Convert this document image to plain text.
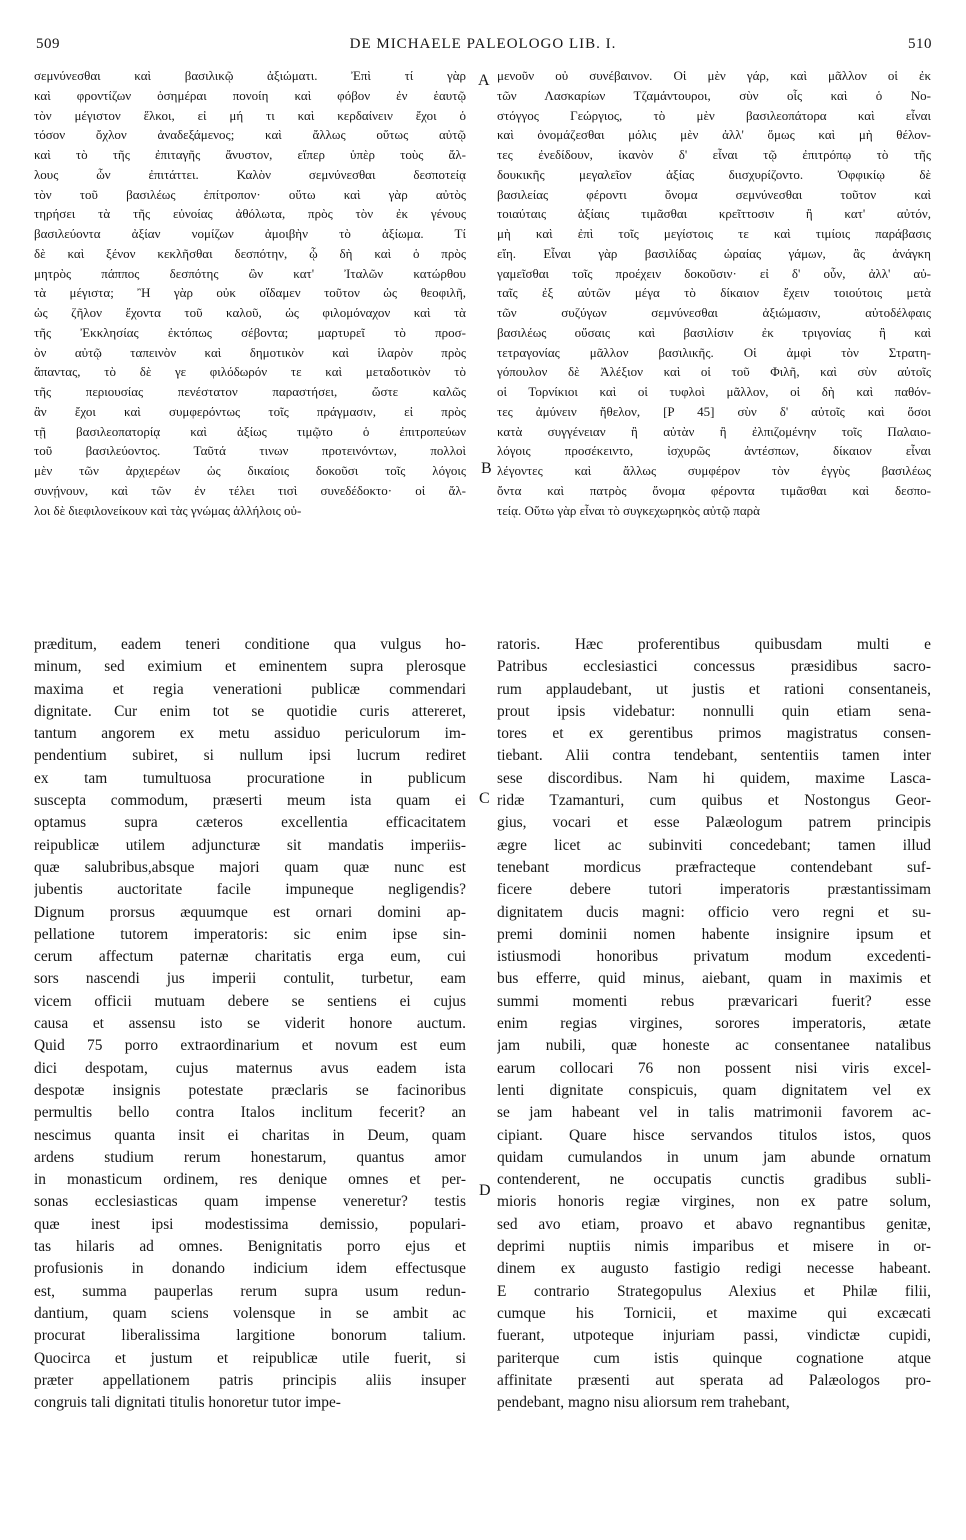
509	DE MICHAELE PALEOLOGO LIB. I.	510
A
B
C
D
σεμνύνεσθαι καὶ βασιλικῷ ἀξιώματι. Ἐπὶ τί γὰρ
καὶ φροντίζων ὁσημέραι πονοίη καὶ φόβον ἐν ἑαυτῷ
τὸν μέγιστον ἕλκοι, εἰ μή τι καὶ κερδαίνειν ἔχοι ὁ
τόσον ὄχλον ἀναδεξάμενος; καὶ ἄλλως οὕτως αὐτῷ
καὶ τὸ τῆς ἐπιταγῆς ἄνυστον, εἴπερ ὑπὲρ τοὺς ἄλ-
λους ὧν ἐπιτάττει. Καλὸν σεμνύνεσθαι δεσποτείᾳ
τὸν τοῦ βασιλέως ἐπίτροπον· οὕτω καὶ γὰρ αὐτὸς
τηρήσει τὰ τῆς εὐνοίας ἀθόλωτα, πρὸς τὸν ἐκ γένους
βασιλεύοντα ἀξίαν νομίζων ἀμοιβὴν τὸ ἀξίωμα. Τί
δὲ καὶ ξένον κεκλῆσθαι δεσπότην, ᾧ δὴ καὶ ὁ πρὸς
μητρὸς πάππος δεσπότης ὢν κατ' Ἰταλῶν κατώρθου
τὰ μέγιστα; Ἢ γὰρ οὐκ οἴδαμεν τοῦτον ὡς θεοφιλῆ,
ὡς ζῆλον ἔχοντα τοῦ καλοῦ, ὡς φιλομόναχον καὶ τὰ
τῆς Ἐκκλησίας ἐκτόπως σέβοντα; μαρτυρεῖ τὸ προσ-
ὸν αὐτῷ ταπεινὸν καὶ δημοτικὸν καὶ ἱλαρὸν πρὸς
ἅπαντας, τὸ δὲ γε φιλόδωρόν τε καὶ μεταδοτικὸν τὸ
τῆς περιουσίας πενέστατον παραστήσει, ὥστε καλῶς
ἂν ἔχοι καὶ συμφερόντως τοῖς πράγμασιν, εἰ πρὸς
τῇ βασιλεοπατορίᾳ καὶ ἀξίως τιμῷτο ὁ ἐπιτροπεύων
τοῦ βασιλεύοντος. Ταῦτά τινων προτεινόντων, πολλοὶ
μὲν τῶν ἀρχιερέων ὡς δικαίοις δοκοῦσι τοῖς λόγοις
συνῄνουν, καὶ τῶν ἐν τέλει τισὶ συνεδέδοκτο· οἱ ἄλ-
λοι δὲ διεφιλονείκουν καὶ τὰς γνώμας ἀλλήλοις οὐ-
μενοῦν οὐ συνέβαινον. Οἱ μὲν γάρ, καὶ μᾶλλον οἱ ἐκ
τῶν Λασκαρίων Τζαμάντουροι, σὺν οἷς καὶ ὁ Νο-
στόγγος Γεώργιος, τὸ μὲν βασιλεοπάτορα καὶ εἶναι
καὶ ὀνομάζεσθαι μόλις μὲν ἀλλ' ὅμως καὶ μὴ θέλον-
τες ἐνεδίδουν, ἱκανὸν δ' εἶναι τῷ ἐπιτρόπῳ τὸ τῆς
δουκικῆς μεγαλεῖον ἀξίας διισχυρίζοντο. Ὀφφικίῳ δὲ
βασιλείας φέροντι ὄνομα σεμνύνεσθαι τοῦτον καὶ
τοιαύταις ἀξίαις τιμᾶσθαι κρεῖττοσιν ἢ κατ' αὐτόν,
μὴ καὶ ἐπὶ τοῖς μεγίστοις τε καὶ τιμίοις παράβασις
εἴη. Εἶναι γὰρ βασιλίδας ὡραίας γάμων, ἃς ἀνάγκη
γαμεῖσθαι τοῖς προέχειν δοκοῦσιν· εἰ δ' οὖν, ἀλλ' αὐ-
ταῖς ἐξ αὐτῶν μέγα τὸ δίκαιον ἔχειν τοιούτοις μετὰ
τῶν συζύγων σεμνύνεσθαι ἀξιώμασιν, αὐτοδέλφαις
βασιλέως οὔσαις καὶ βασιλίσιν ἐκ τριγονίας ἢ καὶ
τετραγονίας μᾶλλον βασιλικῆς. Οἱ ἀμφὶ τὸν Στρατη-
γόπουλον δὲ Ἀλέξιον καὶ οἱ τοῦ Φιλῆ, καὶ σὺν αὐτοῖς
οἱ Τορνίκιοι καὶ οἱ τυφλοὶ μᾶλλον, οἱ δὴ καὶ παθόν-
τες ἀμύνειν ἤθελον, [P 45] σὺν δ' αὐτοῖς καὶ ὅσοι
κατὰ συγγένειαν ἢ αὐτὰν ἢ ἐλπιζομένην τοῖς Παλαιο-
λόγοις προσέκειντο, ἰσχυρῶς ἀντέσπων, δίκαιον εἶναι
λέγοντες καὶ ἄλλως συμφέρον τὸν ἐγγὺς βασιλέως
ὄντα καὶ πατρὸς ὄνομα φέροντα τιμᾶσθαι καὶ δεσπο-
τείᾳ. Οὕτω γὰρ εἶναι τὸ συγκεχωρηκὸς αὐτῷ παρὰ
præditum, eadem teneri conditione qua vulgus ho-
minum, sed eximium et eminentem supra plerosque
maxima et regia venerationi publicæ commendari
dignitate. Cur enim tot se quotidie curis attereret,
tantum angorem ex metu assiduo periculorum im-
pendentium subiret, si nullum ipsi lucrum rediret
ex tam tumultuosa procuratione in publicum
suscepta commodum, præserti meum ista quam ei
optamus supra cæteros excellentia efficacitatem
reipublicæ utilem adjuncturæ sit mandatis imperiis-
quæ salubribus,absque majori quam quæ nunc est
jubentis auctoritate facile impuneque negligendis?
Dignum prorsus æquumque est ornari domini ap-
pellatione tutorem imperatoris: sic enim ipse sin-
cerum affectum paternæ charitatis erga eum, cui
sors nascendi jus imperii contulit, turbetur, eam
vicem officii mutuam debere se sentiens ei cujus
causa et assensu isto se viderit honore auctum.
Quid 75 porro extraordinarium et novum est eum
dici despotam, cujus maternus avus eadem ista
despotæ insignis potestate præclaris se facinoribus
permultis bello contra Italos inclitum fecerit? an
nescimus quanta insit ei charitas in Deum, quam
ardens studium rerum honestarum, quantus amor
in monasticum ordinem, res denique omnes et per-
sonas ecclesiasticas quam impense veneretur? testis
quæ inest ipsi modestissima demissio, populari-
tas hilaris ad omnes. Benignitatis porro ejus et
profusionis in donando indicium idem effectusque
est, summa pauperlas rerum supra usum redun-
dantium, quam sciens volensque in se ambit ac
procurat liberalissima largitione bonorum talium.
Quocirca et justum et reipublicæ utile fuerit, si
præter appellationem patris principis aliis insuper
congruis tali dignitati titulis honoretur tutor impe-
ratoris. Hæc proferentibus quibusdam multi e
Patribus ecclesiastici concessus præsidibus sacro-
rum applaudebant, ut justis et rationi consentaneis,
prout ipsis videbatur: nonnulli quin etiam sena-
tores et ex gerentibus primos magistratus consen-
tiebant. Alii contra tendebant, sententiis tamen inter
sese discordibus. Nam hi quidem, maxime Lasca-
ridæ Tzamanturi, cum quibus et Nostongus Geor-
gius, vocari et esse Palæologum patrem principis
ægre licet ac subinviti concedebant; tamen illud
tenebant mordicus præfracteque contendebant suf-
ficere debere tutori imperatoris præstantissimam
dignitatem ducis magni: officio vero regni et su-
premi dominii nomen habente insignire ipsum et
istiusmodi honoribus privatum modum excedenti-
bus efferre, quid minus, aiebant, quam in maximis et
summi momenti rebus prævaricari fuerit? esse
enim regias virgines, sorores imperatoris, ætate
jam nubili, quæ honeste ac consentanee natalibus
earum collocari 76 non possent nisi viris excel-
lenti dignitate conspicuis, quam dignitatem vel ex
se jam habeant vel in talis matrimonii favorem ac-
cipiant. Quare hisce servandos titulos istos, quos
quidam cumulandos in unum jam abunde ornatum
contenderent, ne occupatis cunctis gradibus subli-
mioris honoris regiæ virgines, non ex patre solum,
sed avo etiam, proavo et abavo regnantibus genitæ,
deprimi nuptiis nimis imparibus et misere in or-
dinem ex augusto fastigio redigi necesse habeant.
E contrario Strategopulus Alexius et Philæ filii,
cumque his Tornicii, et maxime qui excæcati
fuerant, utpoteque injuriam passi, vindictæ cupidi,
pariterque cum istis quinque cognatione atque
affinitate præsenti aut sperata ad Palæologos pro-
pendebant, magno nisu aliorsum rem trahebant,
